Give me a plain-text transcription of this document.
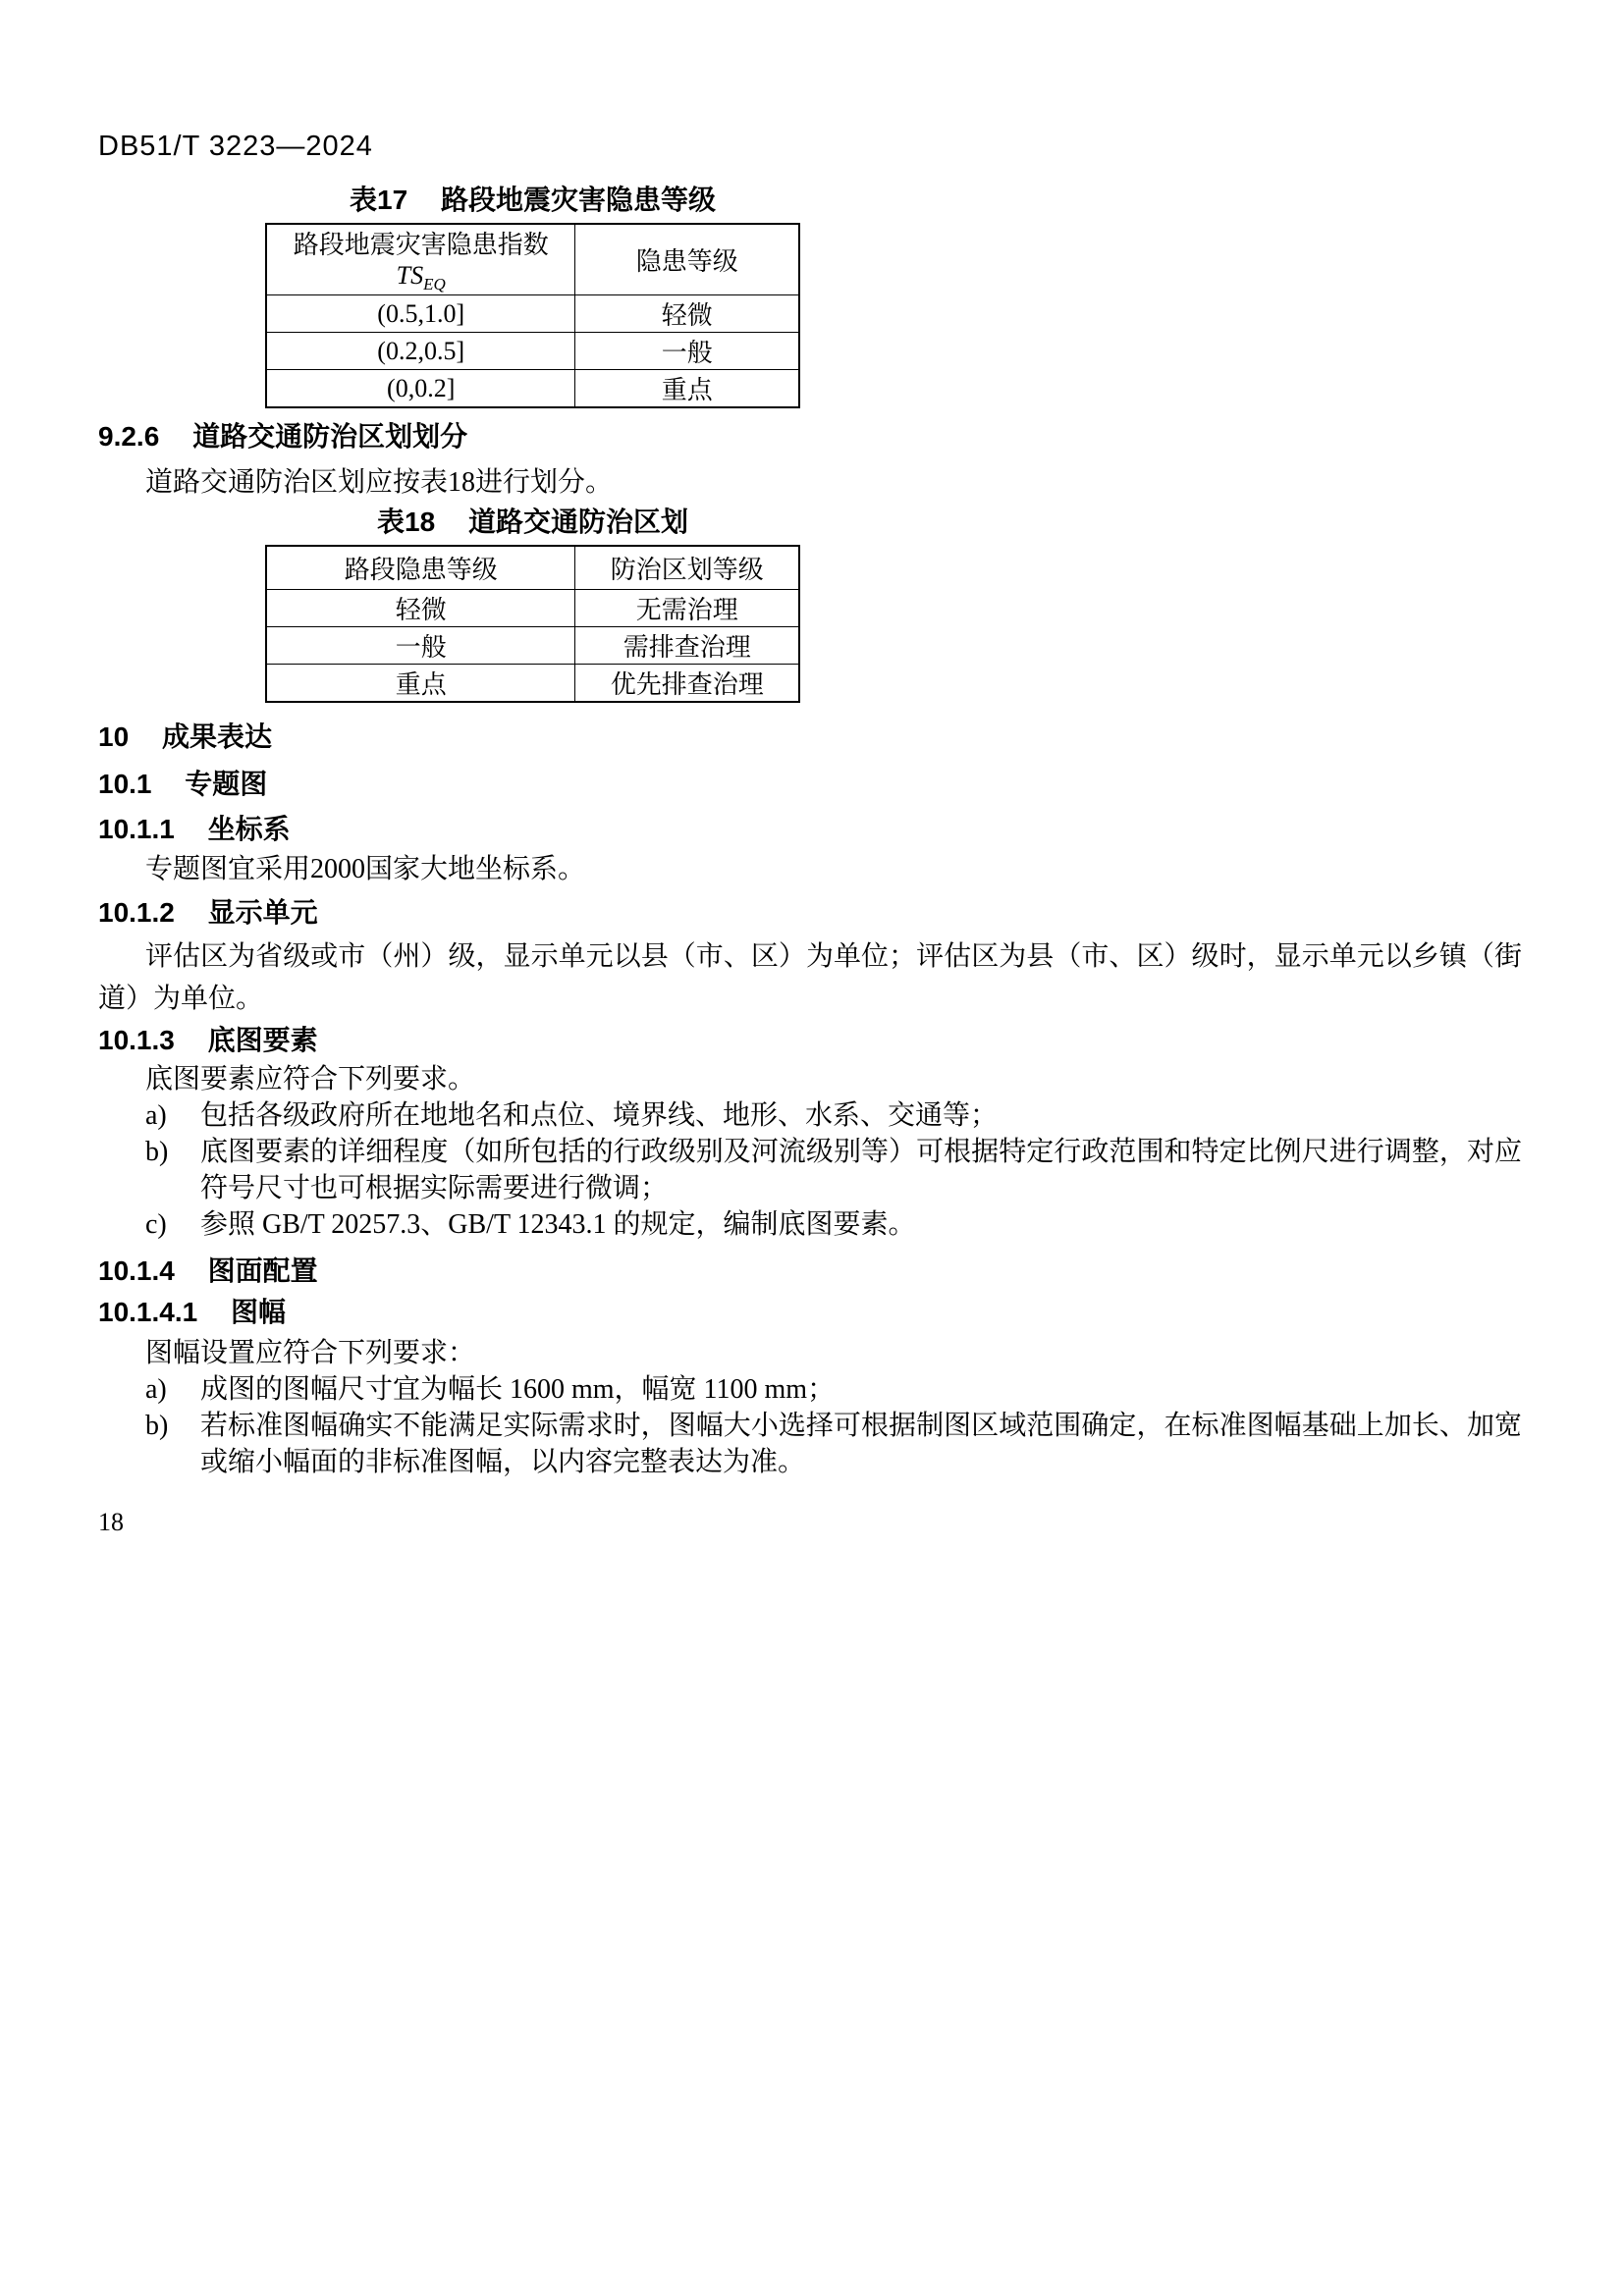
DB51/T 3223—2024
表17 路段地震灾害隐患等级
路段地震灾害隐患指数 $TS_{EQ}$	隐患等级
(0.5,1.0]	轻微
(0.2,0.5]	一般
(0,0.2]	重点
9.2.6 道路交通防治区划划分

道路交通防治区划应按表18进行划分。

表18 道路交通防治区划
路段隐患等级	防治区划等级
轻微	无需治理
一般	需排查治理
重点	优先排查治理
10 成果表达
10.1 专题图
10.1.1 坐标系

专题图宜采用2000国家大地坐标系。

10.1.2 显示单元

评估区为省级或市（州）级，显示单元以县（市、区）为单位；评估区为县（市、区）级时，显示单元以乡镇（街道）为单位。

10.1.3 底图要素

底图要素应符合下列要求。

a)	包括各级政府所在地地名和点位、境界线、地形、水系、交通等；
b)	底图要素的详细程度（如所包括的行政级别及河流级别等）可根据特定行政范围和特定比例尺进行调整，对应符号尺寸也可根据实际需要进行微调；
c)	参照 GB/T 20257.3、GB/T 12343.1 的规定，编制底图要素。
10.1.4 图面配置
10.1.4.1 图幅

图幅设置应符合下列要求：

a)	成图的图幅尺寸宜为幅长 1600 mm，幅宽 1100 mm；
b)	若标准图幅确实不能满足实际需求时，图幅大小选择可根据制图区域范围确定，在标准图幅基础上加长、加宽或缩小幅面的非标准图幅，以内容完整表达为准。
18
